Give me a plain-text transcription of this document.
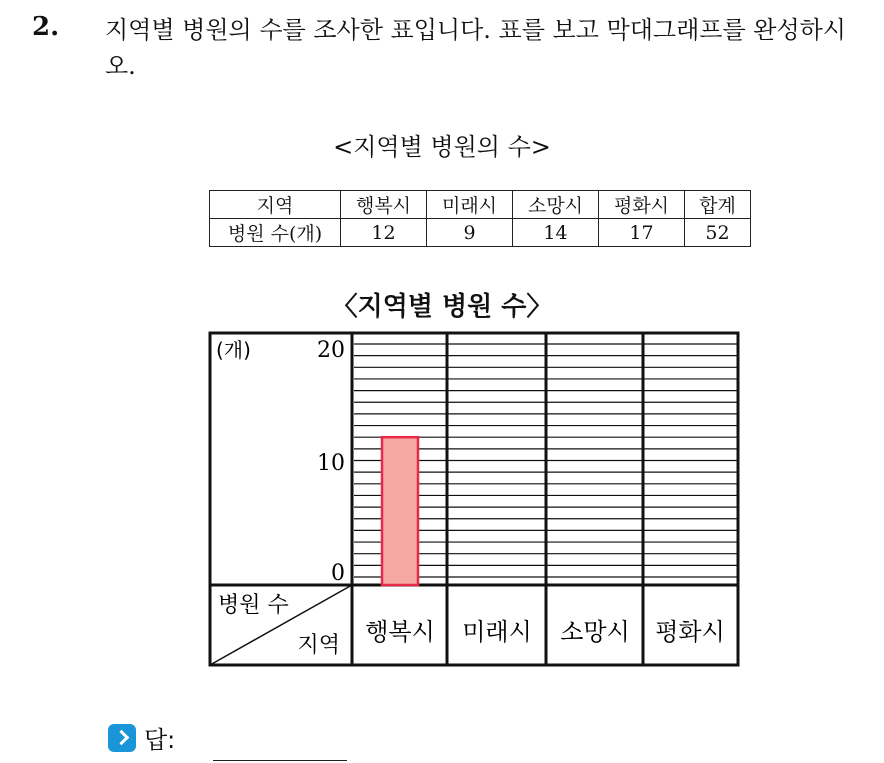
2. 지역별 병원의 수를 조사한 표입니다. 표를 보고 막대그래프를 완성하시오.
<지역별 병원의 수>
지역	행복시	미래시	소망시	평화시	합계
병원 수(개)	12	9	14	17	52
〈지역별 병원 수〉
(개)	20
10
0
병원 수
지역 행복시 미래시 소망시 평화시
답:
